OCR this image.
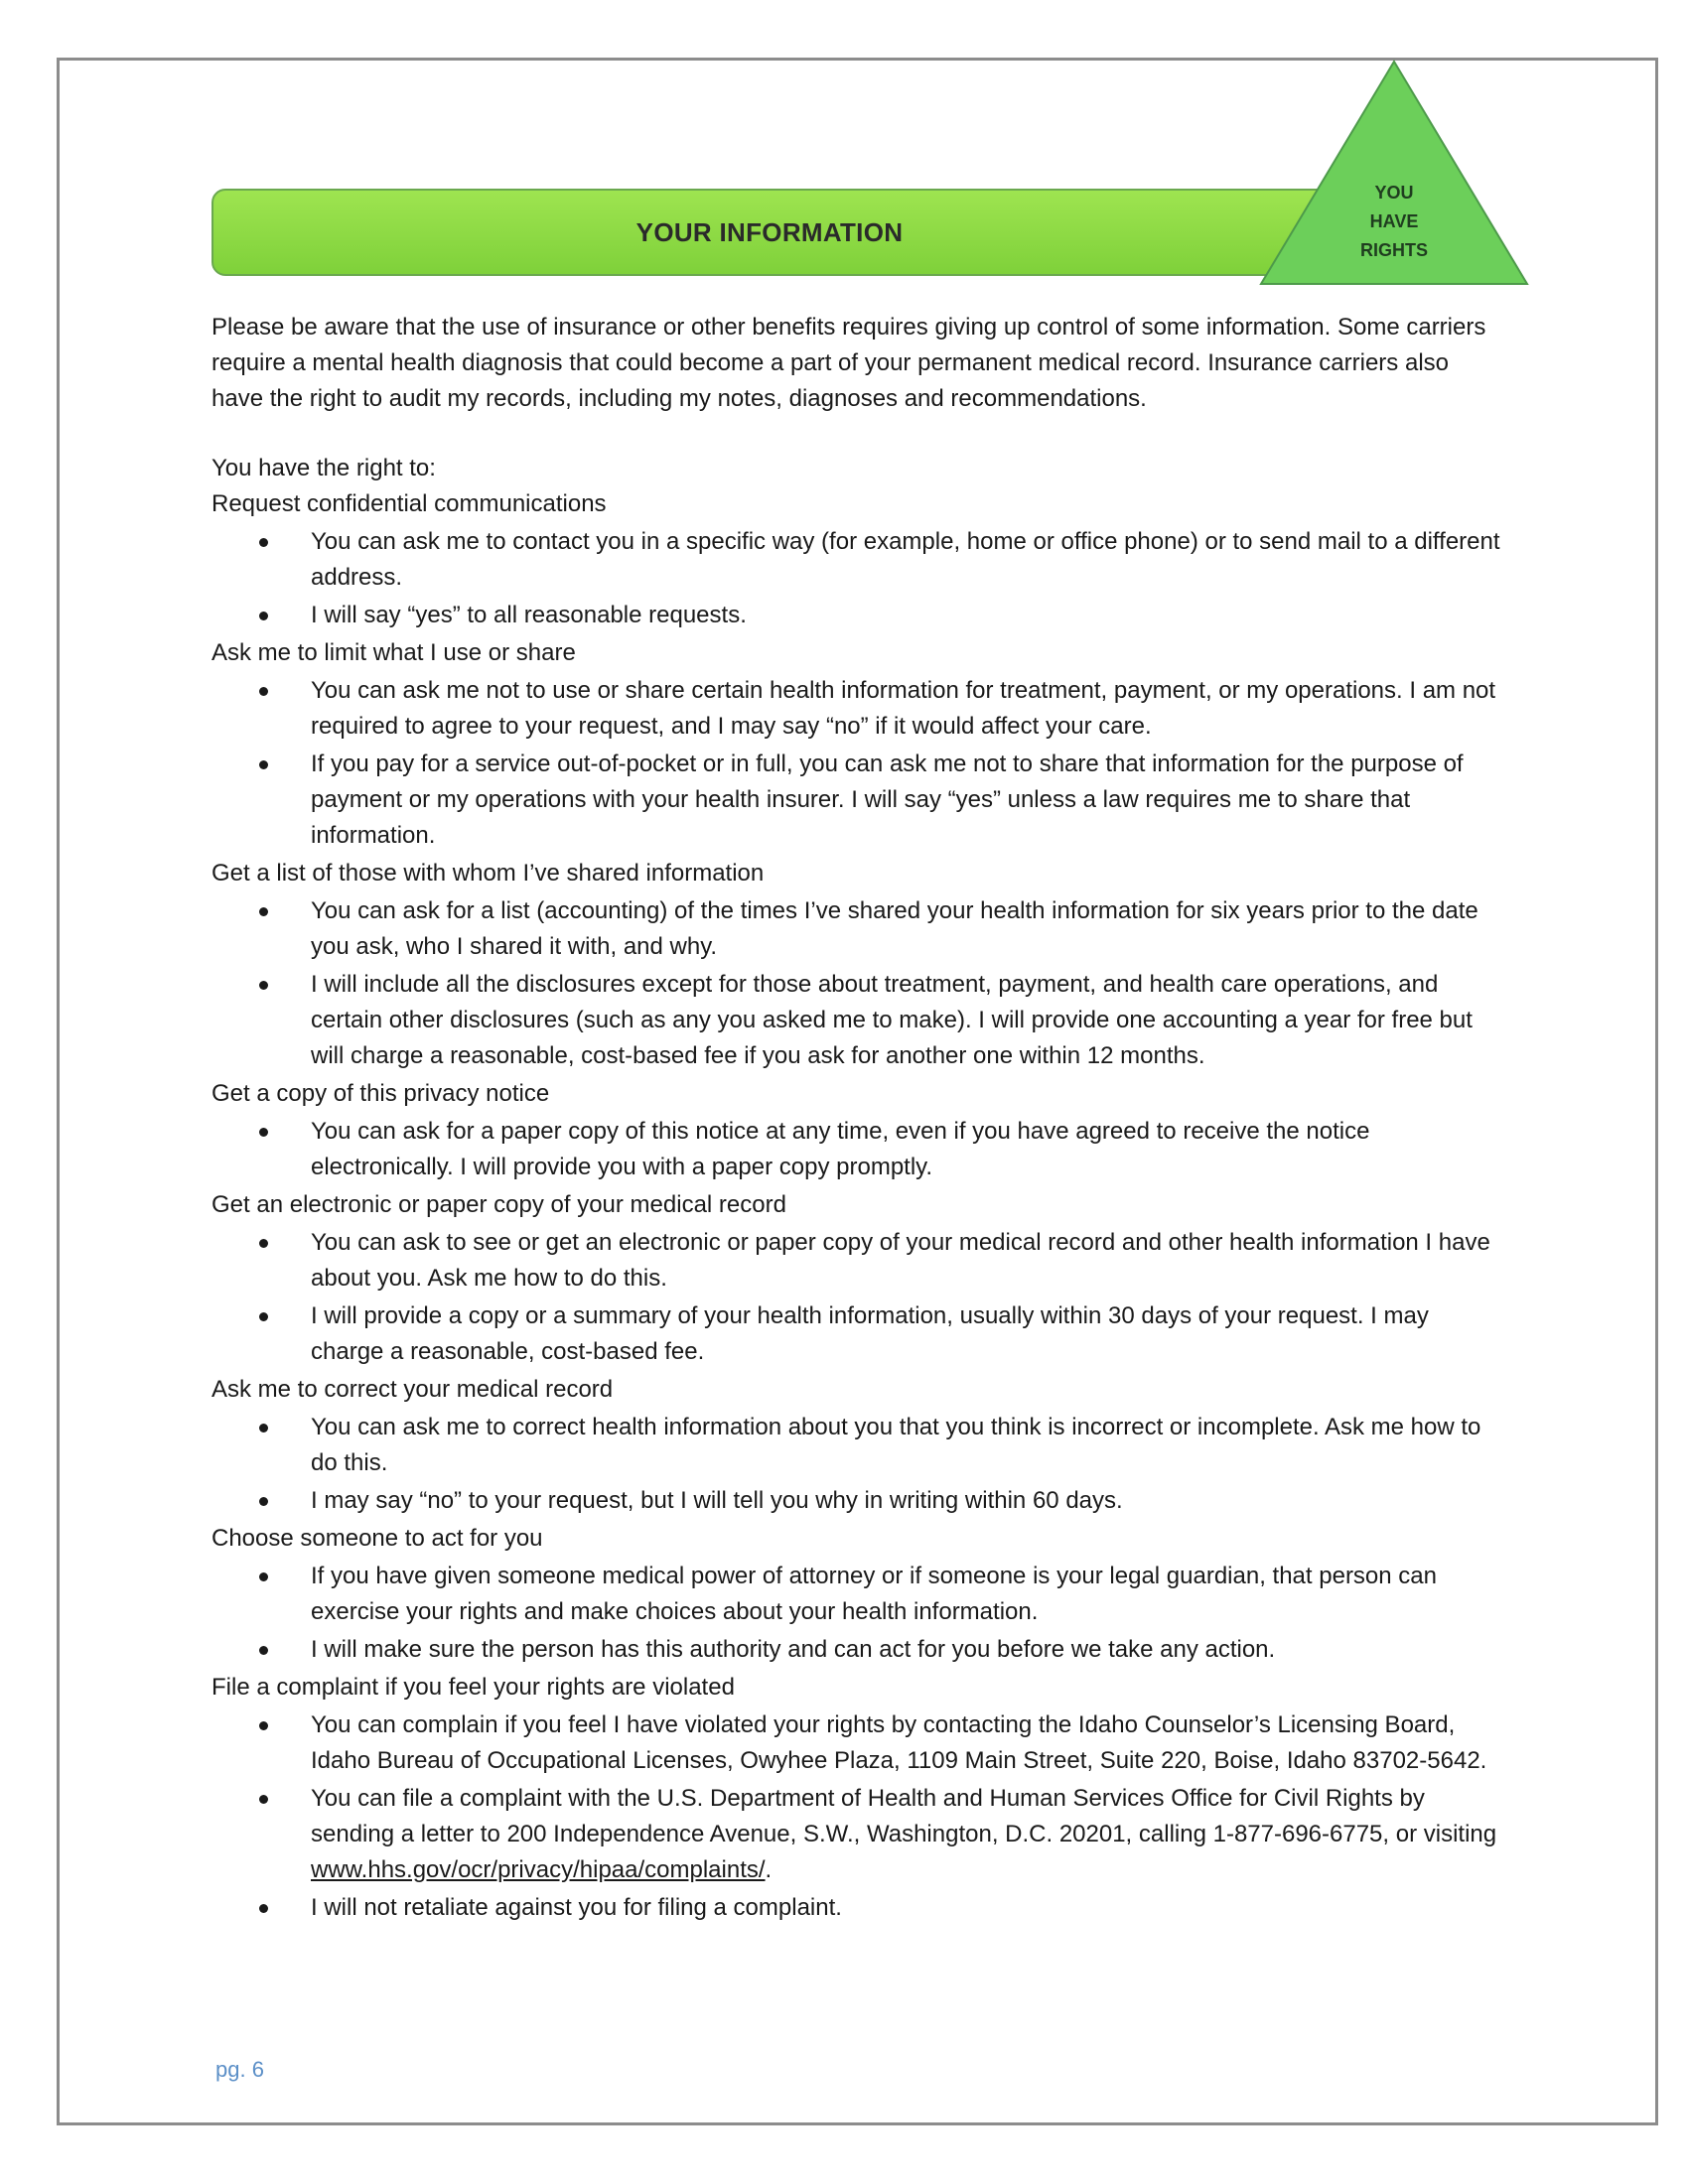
YOUR INFORMATION
YOU
HAVE
RIGHTS

Please be aware that the use of insurance or other benefits requires giving up control of some information. Some carriers require a mental health diagnosis that could become a part of your permanent medical record. Insurance carriers also have the right to audit my records, including my notes, diagnoses and recommendations.

You have the right to:

Request confidential communications

You can ask me to contact you in a specific way (for example, home or office phone) or to send mail to a different address.
I will say “yes” to all reasonable requests.

Ask me to limit what I use or share

You can ask me not to use or share certain health information for treatment, payment, or my operations. I am not required to agree to your request, and I may say “no” if it would affect your care.
If you pay for a service out-of-pocket or in full, you can ask me not to share that information for the purpose of payment or my operations with your health insurer. I will say “yes” unless a law requires me to share that information.

Get a list of those with whom I’ve shared information

You can ask for a list (accounting) of the times I’ve shared your health information for six years prior to the date you ask, who I shared it with, and why.
I will include all the disclosures except for those about treatment, payment, and health care operations, and certain other disclosures (such as any you asked me to make). I will provide one accounting a year for free but will charge a reasonable, cost-based fee if you ask for another one within 12 months.

Get a copy of this privacy notice

You can ask for a paper copy of this notice at any time, even if you have agreed to receive the notice electronically. I will provide you with a paper copy promptly.

Get an electronic or paper copy of your medical record

You can ask to see or get an electronic or paper copy of your medical record and other health information I have about you. Ask me how to do this.
I will provide a copy or a summary of your health information, usually within 30 days of your request. I may charge a reasonable, cost-based fee.

Ask me to correct your medical record

You can ask me to correct health information about you that you think is incorrect or incomplete. Ask me how to do this.
I may say “no” to your request, but I will tell you why in writing within 60 days.

Choose someone to act for you

If you have given someone medical power of attorney or if someone is your legal guardian, that person can exercise your rights and make choices about your health information.
I will make sure the person has this authority and can act for you before we take any action.

File a complaint if you feel your rights are violated

You can complain if you feel I have violated your rights by contacting the Idaho Counselor’s Licensing Board, Idaho Bureau of Occupational Licenses, Owyhee Plaza, 1109 Main Street, Suite 220, Boise, Idaho 83702-5642.
You can file a complaint with the U.S. Department of Health and Human Services Office for Civil Rights by sending a letter to 200 Independence Avenue, S.W., Washington, D.C. 20201, calling 1-877-696-6775, or visiting www.hhs.gov/ocr/privacy/hipaa/complaints/.
I will not retaliate against you for filing a complaint.
pg. 6
